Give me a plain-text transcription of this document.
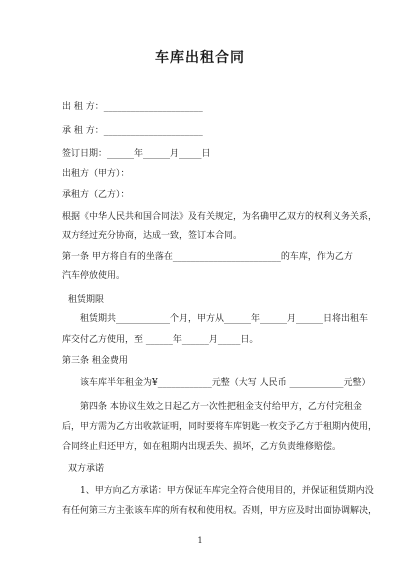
车库出租合同
出 租 方：______________________
承 租 方：______________________
签订日期：______年______月_____日
出租方（甲方）：
承租方（乙方）：
根据《中华人民共和国合同法》及有关规定，为名确甲乙双方的权利义务关系，
双方经过充分协商，达成一致，签订本合同。
第一条 甲方将自有的坐落在________________________的车库，作为乙方
汽车停放使用。
租赁期限
租赁期共____________个月，甲方从______年______月______日将出租车
库交付乙方使用，至 ______年______月_____日。
第三条 租金费用
该车库半年租金为¥____________元整（大写 人民币 ____________元整）
第四条 本协议生效之日起乙方一次性把租金支付给甲方，乙方付完租金
后，甲方需为乙方出收款证明，同时要将车库钥匙一枚交予乙方于租期内使用，
合同终止归还甲方，如在租期内出现丢失、损坏，乙方负责维修赔偿。
双方承诺
1、甲方向乙方承诺：甲方保证车库完全符合使用目的，并保证租赁期内没
有任何第三方主张该车库的所有权和使用权。否则，甲方应及时出面协调解决，
1
